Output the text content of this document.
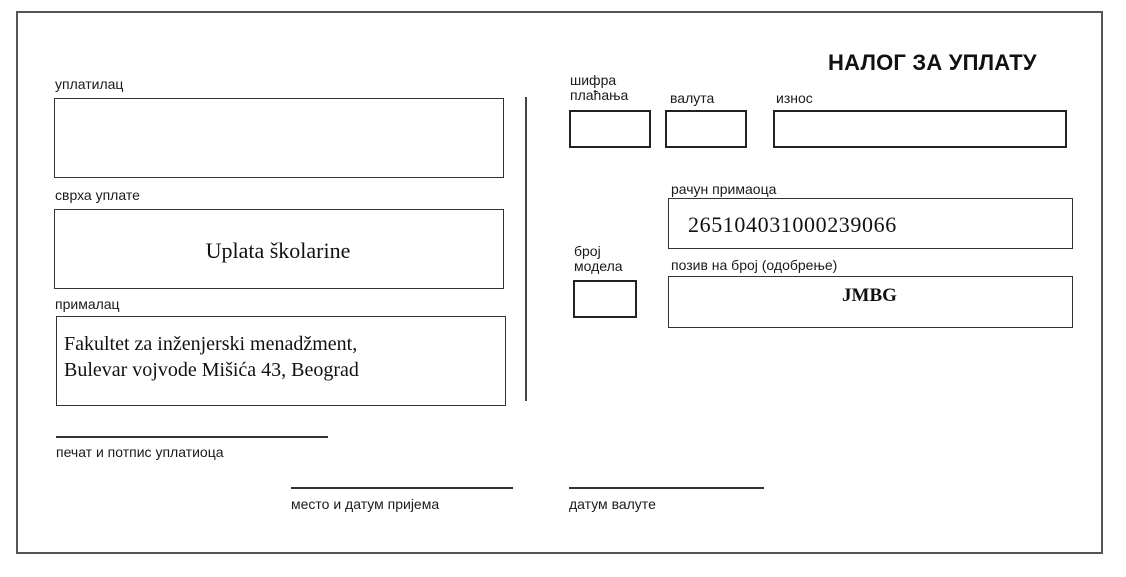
НАЛОГ ЗА УПЛАТУ
уплатилац
сврха уплате
Uplata školarine
прималац
Fakultet za inženjerski menadžment,
Bulevar vojvode Mišića 43, Beograd
шифра
плаћања	валута	износ
рачун примаоца
265104031000239066
број
модела	позив на број (одобрење)
JMBG
печат и потпис уплатиоца
место и датум пријема	датум валуте
